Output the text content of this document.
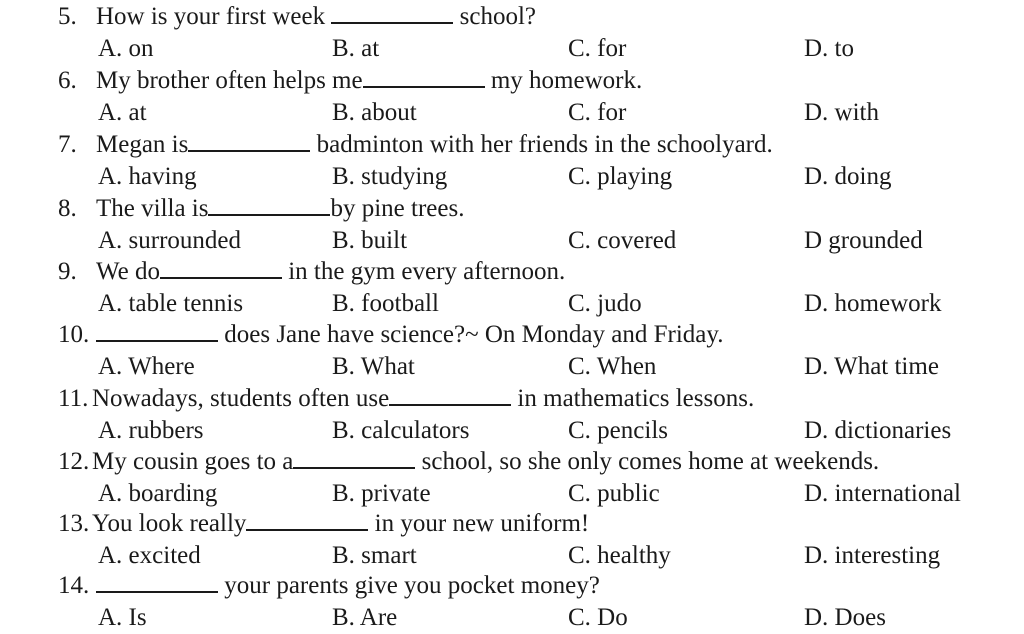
5. How is your first week	school?
A. on	B. at	C. for	D. to
6. My brother often helps me	my homework.
A. at	B. about	C. for	D. with
7. Megan is	badminton with her friends in the schoolyard.
A. having	B. studying	C. playing	D. doing
8. The villa is	by pine trees.
A. surrounded	B. built	C. covered	D grounded
9. We do	in the gym every afternoon.
A. table tennis	B. football	C. judo	D. homework
10.	does Jane have science?~ On Monday and Friday.
A. Where	B. What	C. When	D. What time
11. Nowadays, students often use	in mathematics lessons.
A. rubbers	B. calculators	C. pencils	D. dictionaries
12. My cousin goes to a	school, so she only comes home at weekends.
A. boarding	B. private	C. public	D. international
13. You look really	in your new uniform!
A. excited	B. smart	C. healthy	D. interesting
14.	your parents give you pocket money?
A. Is	B. Are	C. Do	D. Does
